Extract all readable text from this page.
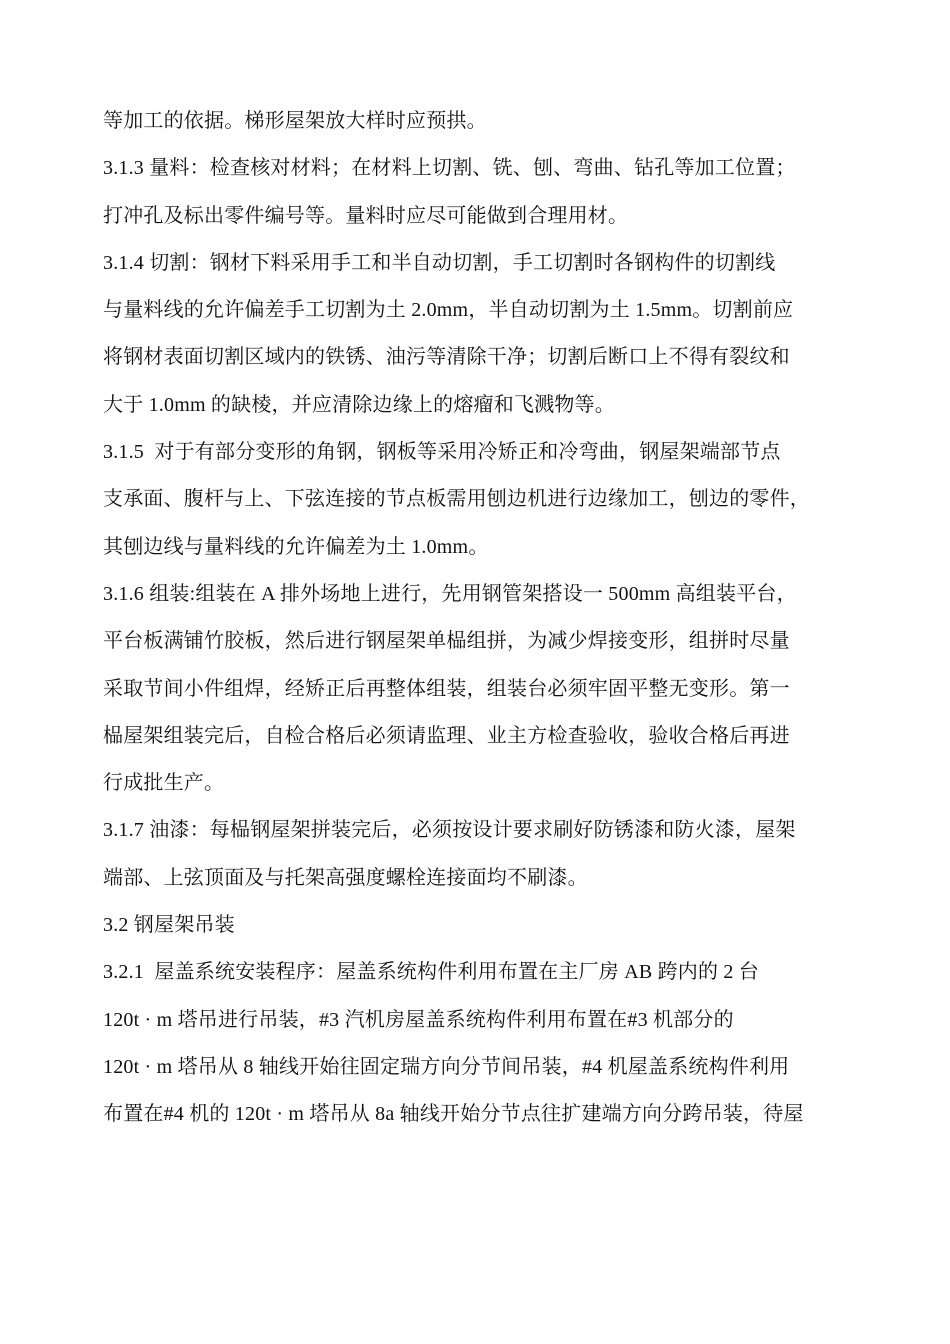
等加工的依据。梯形屋架放大样时应预拱。
3.1.3 量料：检查核对材料；在材料上切割、铣、刨、弯曲、钻孔等加工位置；
打冲孔及标出零件编号等。量料时应尽可能做到合理用材。
3.1.4 切割：钢材下料采用手工和半自动切割，手工切割时各钢构件的切割线
与量料线的允许偏差手工切割为土 2.0mm，半自动切割为土 1.5mm。切割前应
将钢材表面切割区域内的铁锈、油污等清除干净；切割后断口上不得有裂纹和
大于 1.0mm 的缺棱，并应清除边缘上的熔瘤和飞溅物等。
3.1.5  对于有部分变形的角钢，钢板等采用冷矫正和冷弯曲，钢屋架端部节点
支承面、腹杆与上、下弦连接的节点板需用刨边机进行边缘加工，刨边的零件，
其刨边线与量料线的允许偏差为土 1.0mm。
3.1.6 组装:组装在 A 排外场地上进行，先用钢管架搭设一 500mm 高组装平台，
平台板满铺竹胶板，然后进行钢屋架单榀组拼，为减少焊接变形，组拼时尽量
采取节间小件组焊，经矫正后再整体组装，组装台必须牢固平整无变形。第一
榀屋架组装完后，自检合格后必须请监理、业主方检查验收，验收合格后再进
行成批生产。
3.1.7 油漆：每榀钢屋架拼装完后，必须按设计要求刷好防锈漆和防火漆，屋架
端部、上弦顶面及与托架高强度螺栓连接面均不刷漆。
3.2 钢屋架吊装
3.2.1  屋盖系统安装程序：屋盖系统构件利用布置在主厂房 AB 跨内的 2 台
120t · m 塔吊进行吊装，#3 汽机房屋盖系统构件利用布置在#3 机部分的
120t · m 塔吊从 8 轴线开始往固定瑞方向分节间吊装，#4 机屋盖系统构件利用
布置在#4 机的 120t · m 塔吊从 8a 轴线开始分节点往扩建端方向分跨吊装，待屋
